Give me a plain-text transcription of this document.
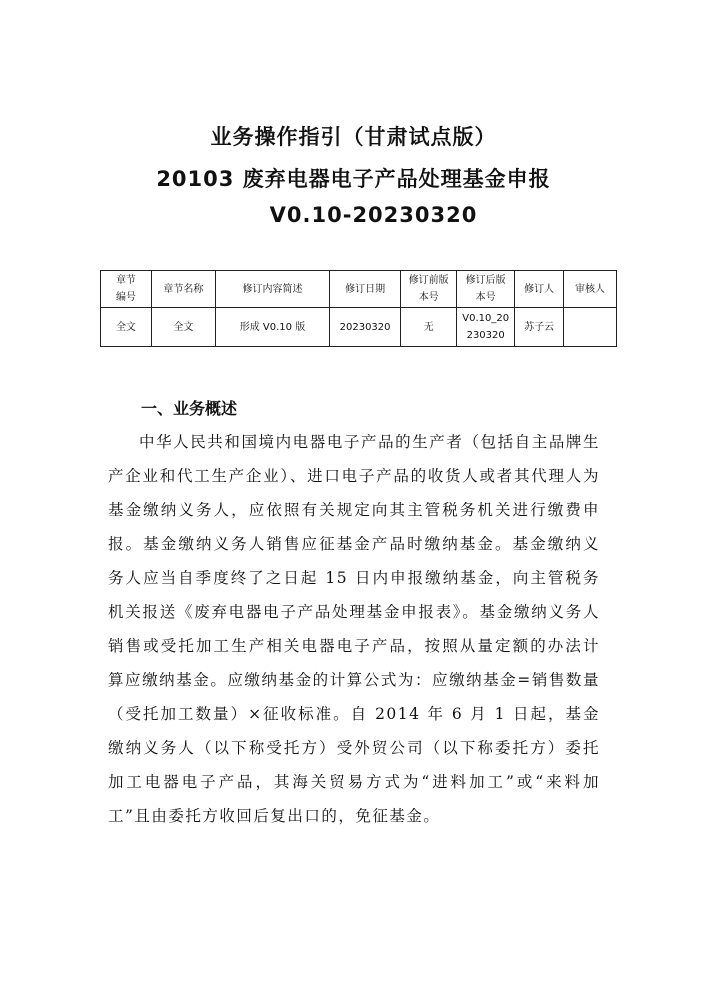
业务操作指引（甘肃试点版）
20103 废弃电器电子产品处理基金申报
V0.10-20230320
章节编号	章节名称	修订内容简述	修订日期	修订前版本号	修订后版本号	修订人	审核人
全文	全文	形成 V0.10 版	20230320	无	V0.10_20230320	苏子云	
一、业务概述

中华人民共和国境内电器电子产品的生产者（包括自主品牌生产企业和代工生产企业）、进口电子产品的收货人或者其代理人为基金缴纳义务人，应依照有关规定向其主管税务机关进行缴费申报。基金缴纳义务人销售应征基金产品时缴纳基金。基金缴纳义务人应当自季度终了之日起 15 日内申报缴纳基金，向主管税务机关报送《废弃电器电子产品处理基金申报表》。基金缴纳义务人销售或受托加工生产相关电器电子产品，按照从量定额的办法计算应缴纳基金。应缴纳基金的计算公式为：应缴纳基金=销售数量（受托加工数量）×征收标准。自 2014 年 6 月 1 日起，基金缴纳义务人（以下称受托方）受外贸公司（以下称委托方）委托加工电器电子产品，其海关贸易方式为“进料加工”或“来料加工”且由委托方收回后复出口的，免征基金。
